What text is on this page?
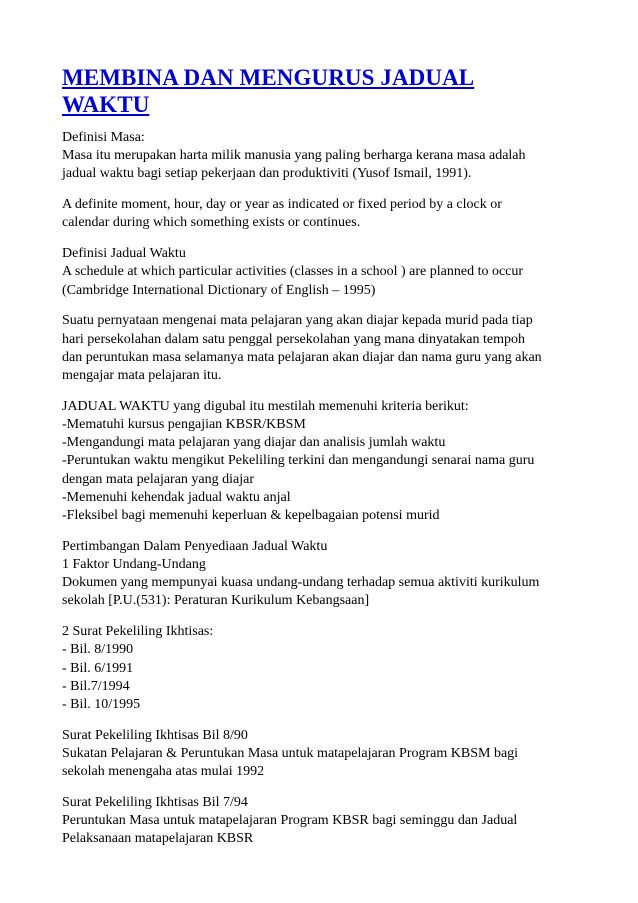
MEMBINA DAN MENGURUS JADUAL
WAKTU
Definisi Masa:
Masa itu merupakan harta milik manusia yang paling berharga kerana masa adalah
jadual waktu bagi setiap pekerjaan dan produktiviti (Yusof Ismail, 1991).
A definite moment, hour, day or year as indicated or fixed period by a clock or
calendar during which something exists or continues.
Definisi Jadual Waktu
A schedule at which particular activities (classes in a school ) are planned to occur
(Cambridge International Dictionary of English – 1995)
Suatu pernyataan mengenai mata pelajaran yang akan diajar kepada murid pada tiap
hari persekolahan dalam satu penggal persekolahan yang mana dinyatakan tempoh
dan peruntukan masa selamanya mata pelajaran akan diajar dan nama guru yang akan
mengajar mata pelajaran itu.
JADUAL WAKTU yang digubal itu mestilah memenuhi kriteria berikut:
-Mematuhi kursus pengajian KBSR/KBSM
-Mengandungi mata pelajaran yang diajar dan analisis jumlah waktu
-Peruntukan waktu mengikut Pekeliling terkini dan mengandungi senarai nama guru
dengan mata pelajaran yang diajar
-Memenuhi kehendak jadual waktu anjal
-Fleksibel bagi memenuhi keperluan & kepelbagaian potensi murid
Pertimbangan Dalam Penyediaan Jadual Waktu
1 Faktor Undang-Undang
Dokumen yang mempunyai kuasa undang-undang terhadap semua aktiviti kurikulum
sekolah [P.U.(531): Peraturan Kurikulum Kebangsaan]
2 Surat Pekeliling Ikhtisas:
- Bil. 8/1990
- Bil. 6/1991
- Bil.7/1994
- Bil. 10/1995
Surat Pekeliling Ikhtisas Bil 8/90
Sukatan Pelajaran & Peruntukan Masa untuk matapelajaran Program KBSM bagi
sekolah menengaha atas mulai 1992
Surat Pekeliling Ikhtisas Bil 7/94
Peruntukan Masa untuk matapelajaran Program KBSR bagi seminggu dan Jadual
Pelaksanaan matapelajaran KBSR
